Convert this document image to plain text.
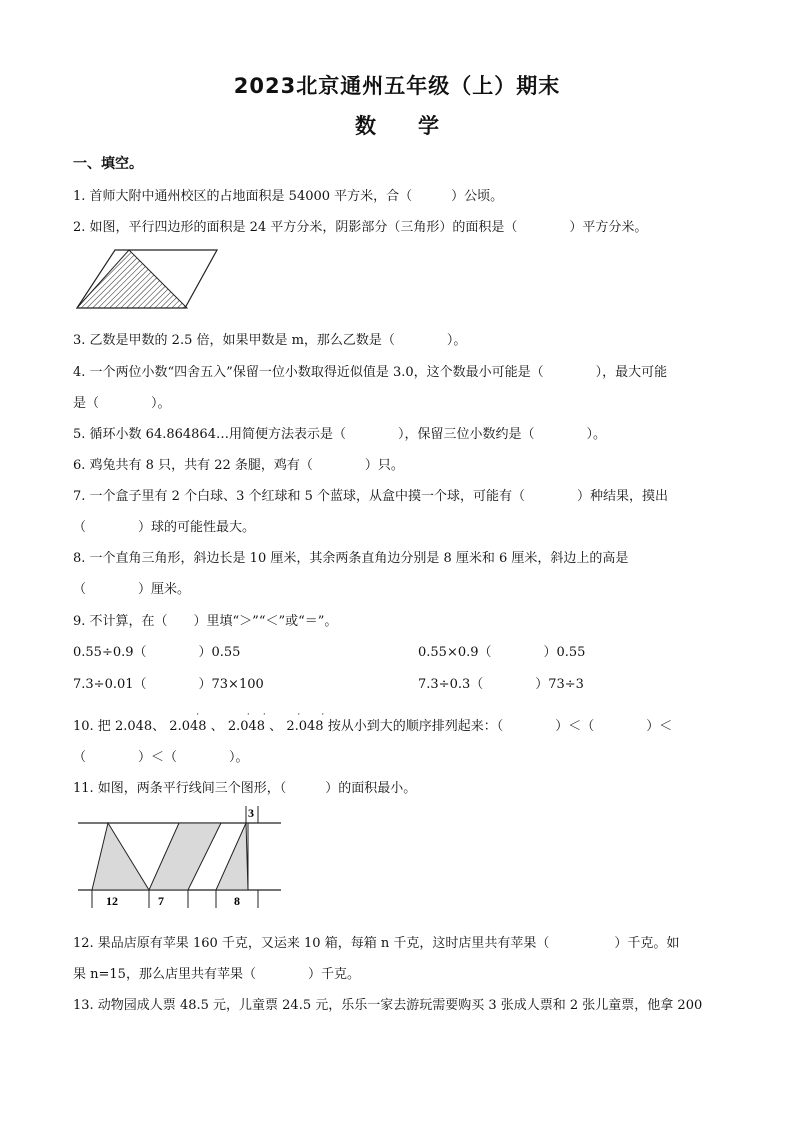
2023北京通州五年级（上）期末
数　　学
一、填空。
1. 首师大附中通州校区的占地面积是 54000 平方米，合（　　　）公顷。
2. 如图，平行四边形的面积是 24 平方分米，阴影部分（三角形）的面积是（　　　　）平方分米。
3. 乙数是甲数的 2.5 倍，如果甲数是 m，那么乙数是（　　　　）。
4. 一个两位小数“四舍五入”保留一位小数取得近似值是 3.0，这个数最小可能是（　　　　），最大可能
是（　　　　）。
5. 循环小数 64.864864…用简便方法表示是（　　　　），保留三位小数约是（　　　　）。
6. 鸡兔共有 8 只，共有 22 条腿，鸡有（　　　　）只。
7. 一个盒子里有 2 个白球、3 个红球和 5 个蓝球，从盒中摸一个球，可能有（　　　　）种结果，摸出
（　　　　）球的可能性最大。
8. 一个直角三角形，斜边长是 10 厘米，其余两条直角边分别是 8 厘米和 6 厘米，斜边上的高是
（　　　　）厘米。
9. 不计算，在（　　）里填“＞”“＜”或“＝”。
0.55÷0.9（　　　　）0.55	0.55×0.9（　　　　）0.55
7.3÷0.01（　　　　）73×100	7.3÷0.3（　　　　）73÷3
10. 把 2.048、 2.048
·
、 2.048
· ·
、 2.048
· ·
按从小到大的顺序排列起来：（　　　　）＜（　　　　）＜
（　　　　）＜（　　　　）。
11. 如图，两条平行线间三个图形，（　　　）的面积最小。
3
12	7	8
12. 果品店原有苹果 160 千克，又运来 10 箱，每箱 n 千克，这时店里共有苹果（　　　　　）千克。如
果 n=15，那么店里共有苹果（　　　　）千克。
13. 动物园成人票 48.5 元，儿童票 24.5 元，乐乐一家去游玩需要购买 3 张成人票和 2 张儿童票，他拿 200
